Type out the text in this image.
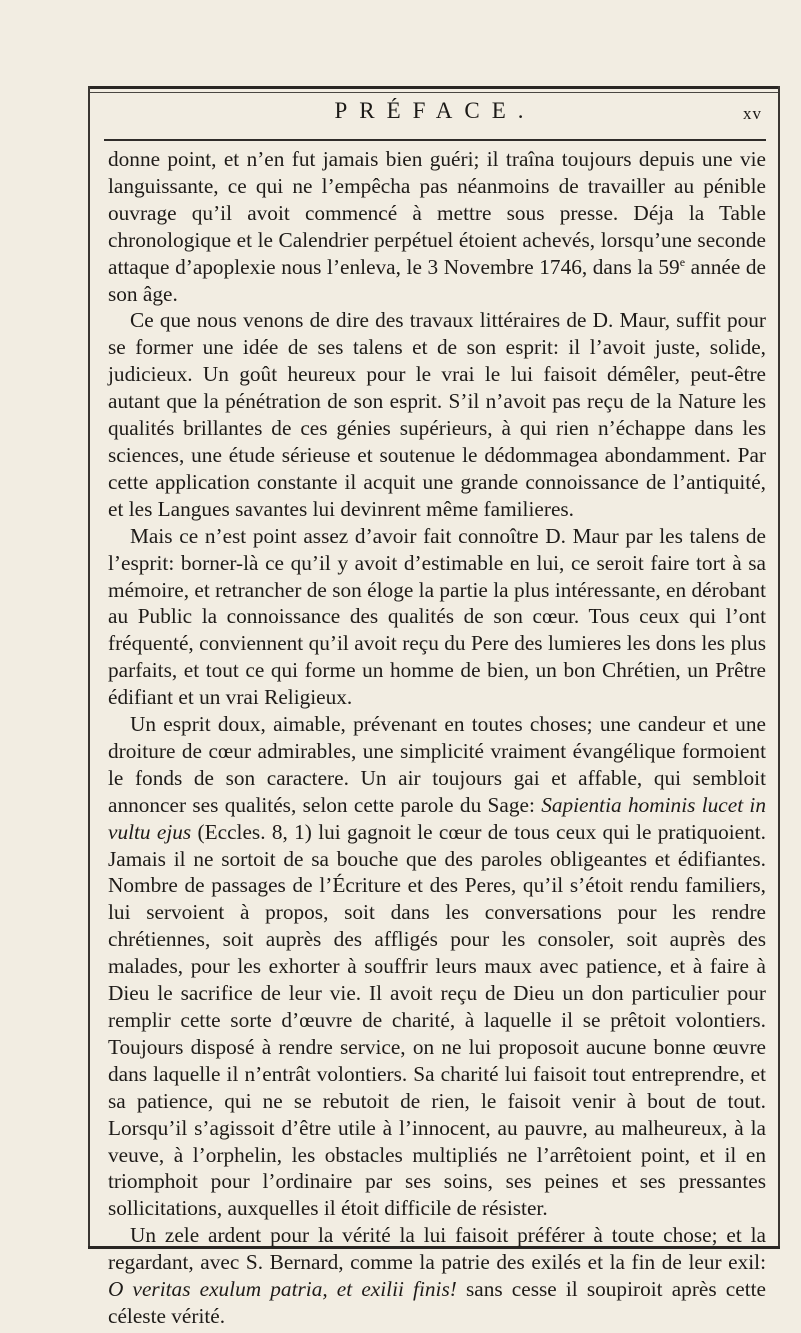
PRÉFACE.	xv

donne point, et n’en fut jamais bien guéri; il traîna toujours depuis une vie languissante, ce qui ne l’empêcha pas néanmoins de travailler au pénible ouvrage qu’il avoit commencé à mettre sous presse. Déja la Table chronologique et le Calendrier perpétuel étoient achevés, lorsqu’une seconde attaque d’apoplexie nous l’enleva, le 3 Novembre 1746, dans la 59e année de son âge.

Ce que nous venons de dire des travaux littéraires de D. Maur, suffit pour se former une idée de ses talens et de son esprit: il l’avoit juste, solide, judicieux. Un goût heureux pour le vrai le lui faisoit démêler, peut-être autant que la pénétration de son esprit. S’il n’avoit pas reçu de la Nature les qualités brillantes de ces génies supérieurs, à qui rien n’échappe dans les sciences, une étude sérieuse et soutenue le dédommagea abondamment. Par cette application constante il acquit une grande connoissance de l’antiquité, et les Langues savantes lui devinrent même familieres.

Mais ce n’est point assez d’avoir fait connoître D. Maur par les talens de l’esprit: borner-là ce qu’il y avoit d’estimable en lui, ce seroit faire tort à sa mémoire, et retrancher de son éloge la partie la plus intéressante, en dérobant au Public la connoissance des qualités de son cœur. Tous ceux qui l’ont fréquenté, conviennent qu’il avoit reçu du Pere des lumieres les dons les plus parfaits, et tout ce qui forme un homme de bien, un bon Chrétien, un Prêtre édifiant et un vrai Religieux.

Un esprit doux, aimable, prévenant en toutes choses; une candeur et une droiture de cœur admirables, une simplicité vraiment évangélique formoient le fonds de son caractere. Un air toujours gai et affable, qui sembloit annoncer ses qualités, selon cette parole du Sage: Sapientia hominis lucet in vultu ejus (Eccles. 8, 1) lui gagnoit le cœur de tous ceux qui le pratiquoient. Jamais il ne sortoit de sa bouche que des paroles obligeantes et édifiantes. Nombre de passages de l’Écriture et des Peres, qu’il s’étoit rendu familiers, lui servoient à propos, soit dans les conversations pour les rendre chrétiennes, soit auprès des affligés pour les consoler, soit auprès des malades, pour les exhorter à souffrir leurs maux avec patience, et à faire à Dieu le sacrifice de leur vie. Il avoit reçu de Dieu un don particulier pour remplir cette sorte d’œuvre de charité, à laquelle il se prêtoit volontiers. Toujours disposé à rendre service, on ne lui proposoit aucune bonne œuvre dans laquelle il n’entrât volontiers. Sa charité lui faisoit tout entreprendre, et sa patience, qui ne se rebutoit de rien, le faisoit venir à bout de tout. Lorsqu’il s’agissoit d’être utile à l’innocent, au pauvre, au malheureux, à la veuve, à l’orphelin, les obstacles multipliés ne l’arrêtoient point, et il en triomphoit pour l’ordinaire par ses soins, ses peines et ses pressantes sollicitations, auxquelles il étoit difficile de résister.

Un zele ardent pour la vérité la lui faisoit préférer à toute chose; et la regardant, avec S. Bernard, comme la patrie des exilés et la fin de leur exil: O veritas exulum patria, et exilii finis! sans cesse il soupiroit après cette céleste vérité.
